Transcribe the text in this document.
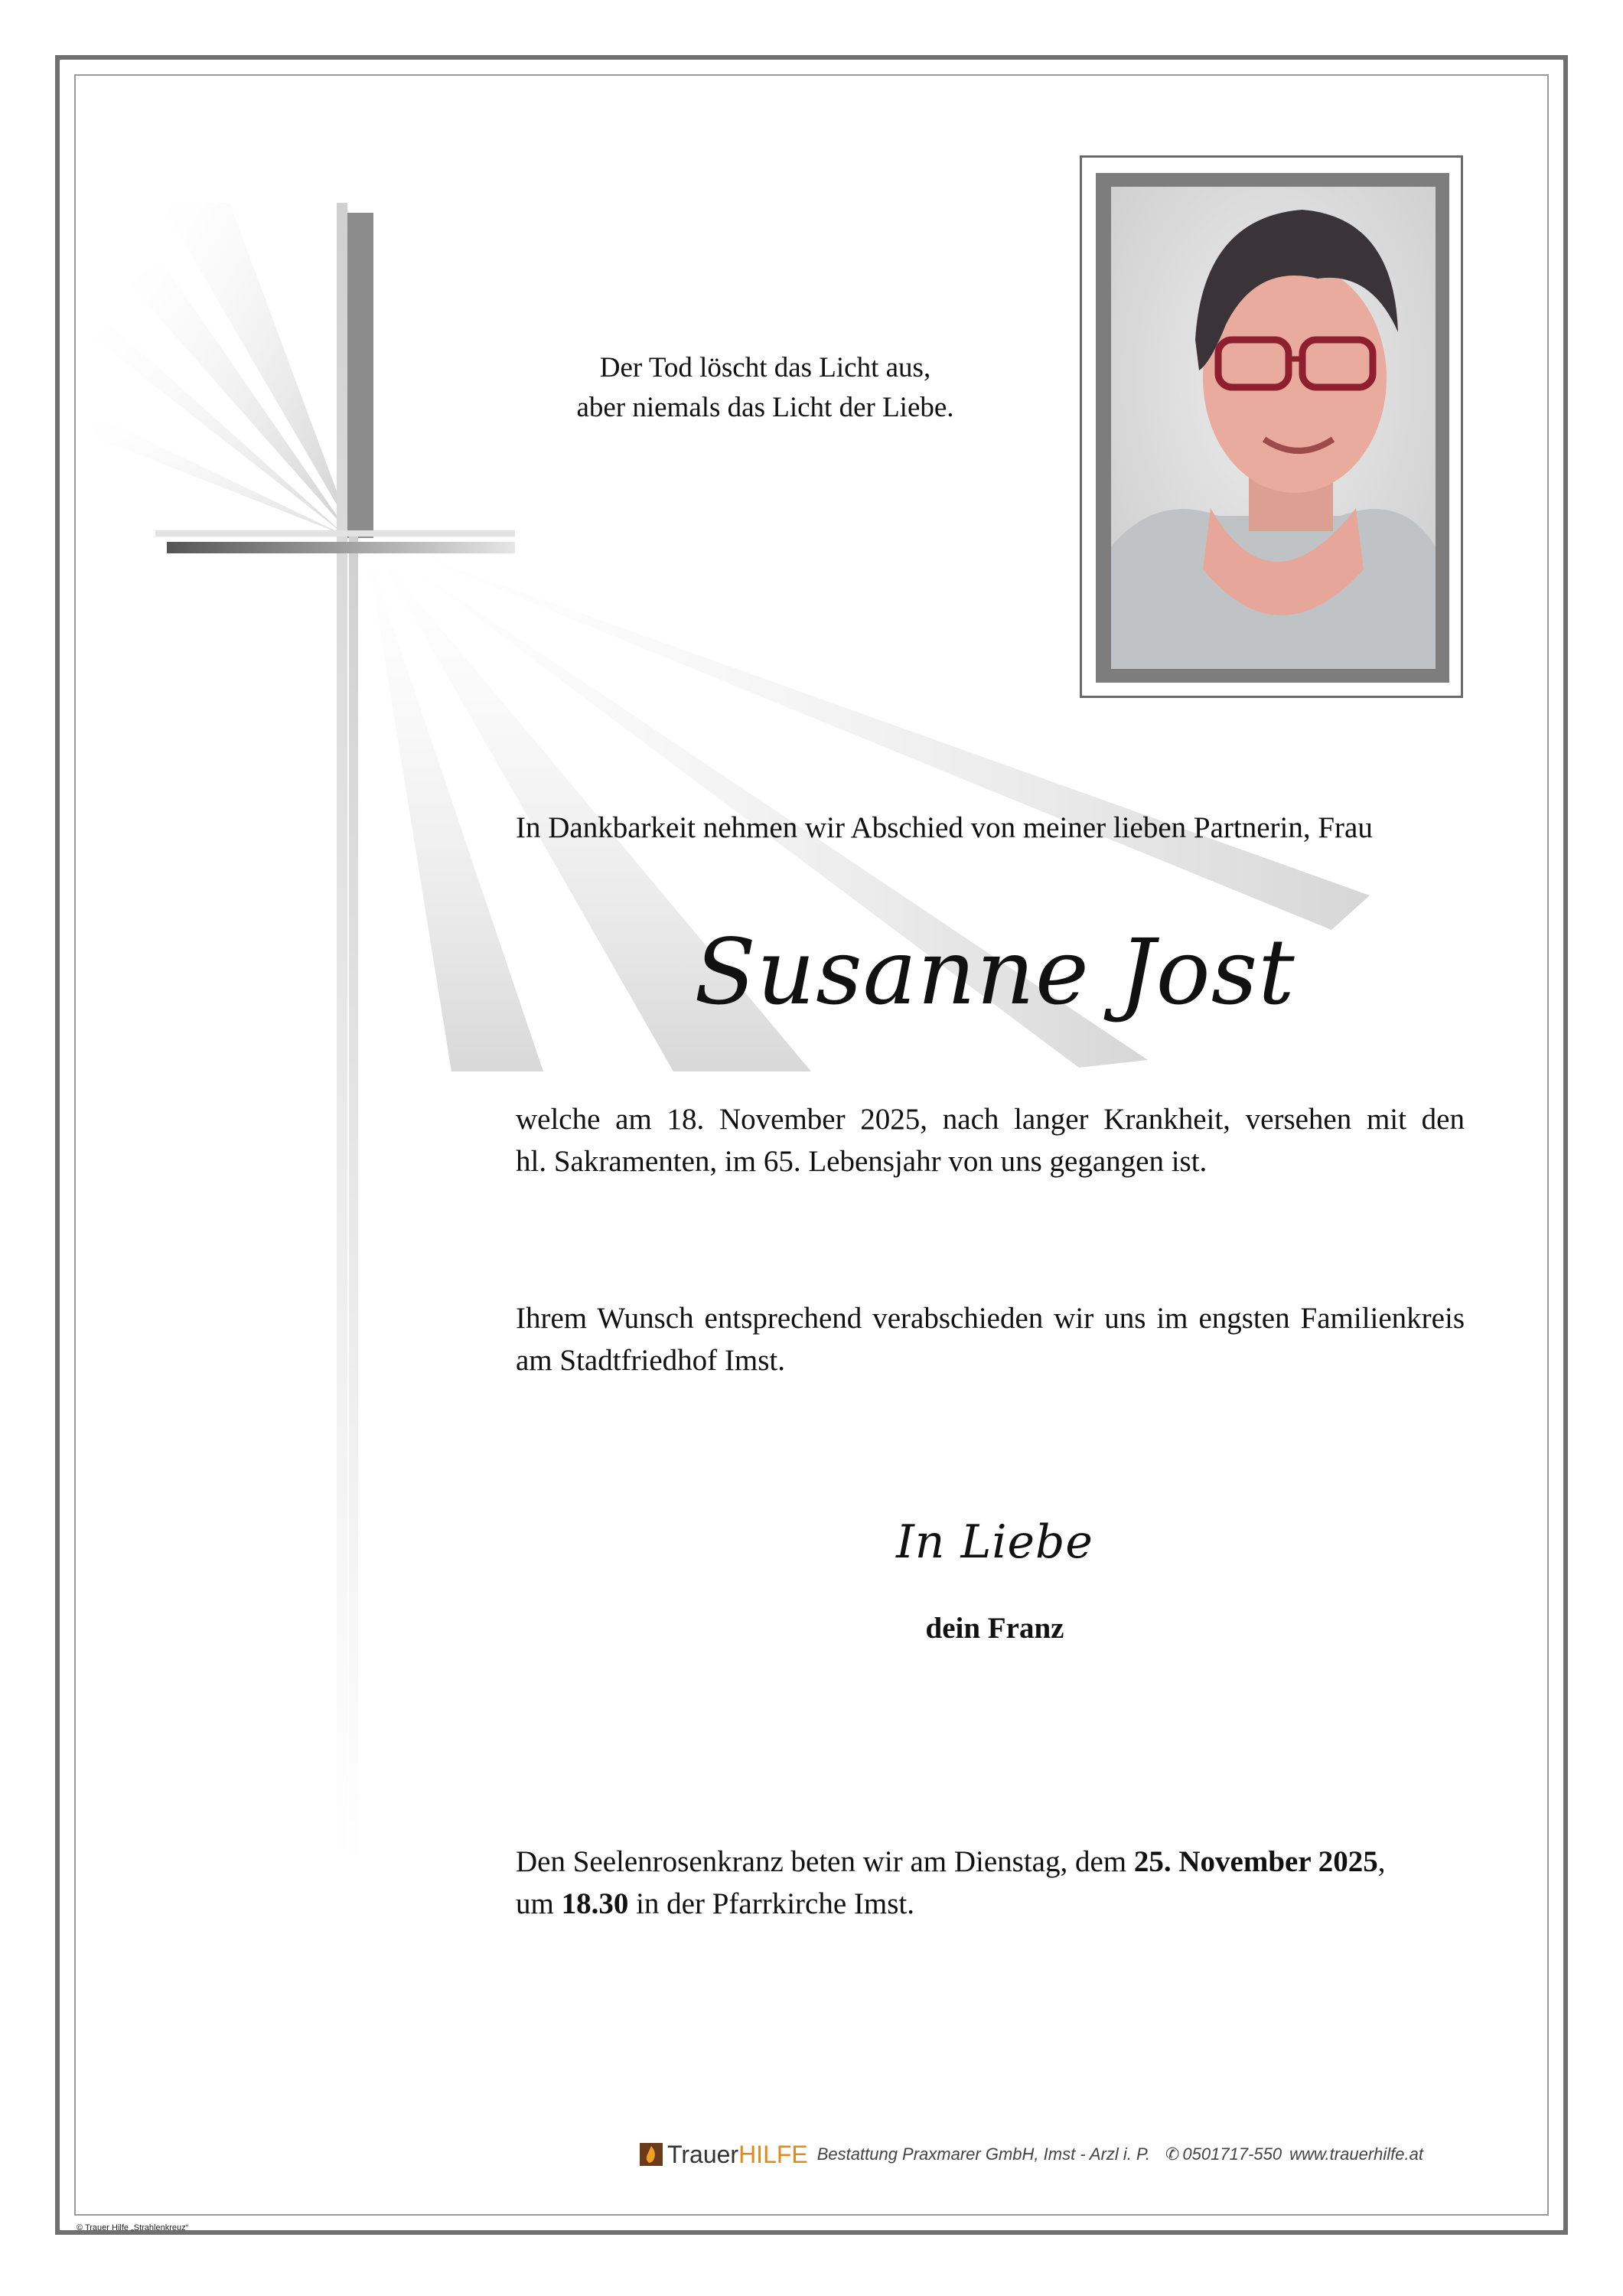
Der Tod löscht das Licht aus,
aber niemals das Licht der Liebe.
In Dankbarkeit nehmen wir Abschied von meiner lieben Partnerin, Frau
Susanne Jost
welche am 18. November 2025, nach langer Krankheit, versehen mit den
hl. Sakramenten, im 65. Lebensjahr von uns gegangen ist.
Ihrem Wunsch entsprechend verabschieden wir uns im engsten Familienkreis am Stadtfriedhof Imst.
In Liebe
dein Franz
Den Seelenrosenkranz beten wir am Dienstag, dem 25. November 2025,
um 18.30 in der Pfarrkirche Imst.
Trauer HILFE Bestattung Praxmarer GmbH, Imst - Arzl i. P. ✆ 0501717-550 www.trauerhilfe.at
© Trauer Hilfe „Strahlenkreuz“
